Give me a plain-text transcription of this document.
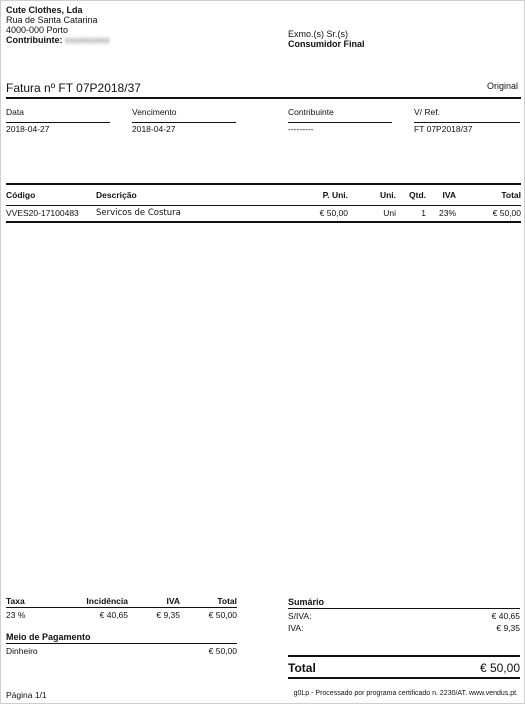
Cute Clothes, Lda
Rua de Santa Catarina
4000-000 Porto
Contribuinte: xxxxxxxxx
Exmo.(s) Sr.(s)
Consumidor Final
Fatura nº FT 07P2018/37	Original
Data
2018-04-27
Vencimento
2018-04-27
Contribuinte
---------
V/ Ref.
FT 07P2018/37
Código	Descrição	P. Uni.	Uni.	Qtd.	IVA	Total
VVES20-17100483	Servicos de Costura	€ 50,00	Uni	1	23%	€ 50,00
Taxa	Incidência	IVA	Total
23 %	€ 40,65	€ 9,35	€ 50,00
Meio de Pagamento
Dinheiro	€ 50,00
Sumário
S/IVA:	€ 40,65
IVA:	€ 9,35
Total	€ 50,00
Página 1/1	g0Lp - Processado por programa certificado n. 2230/AT. www.vendus.pt.
